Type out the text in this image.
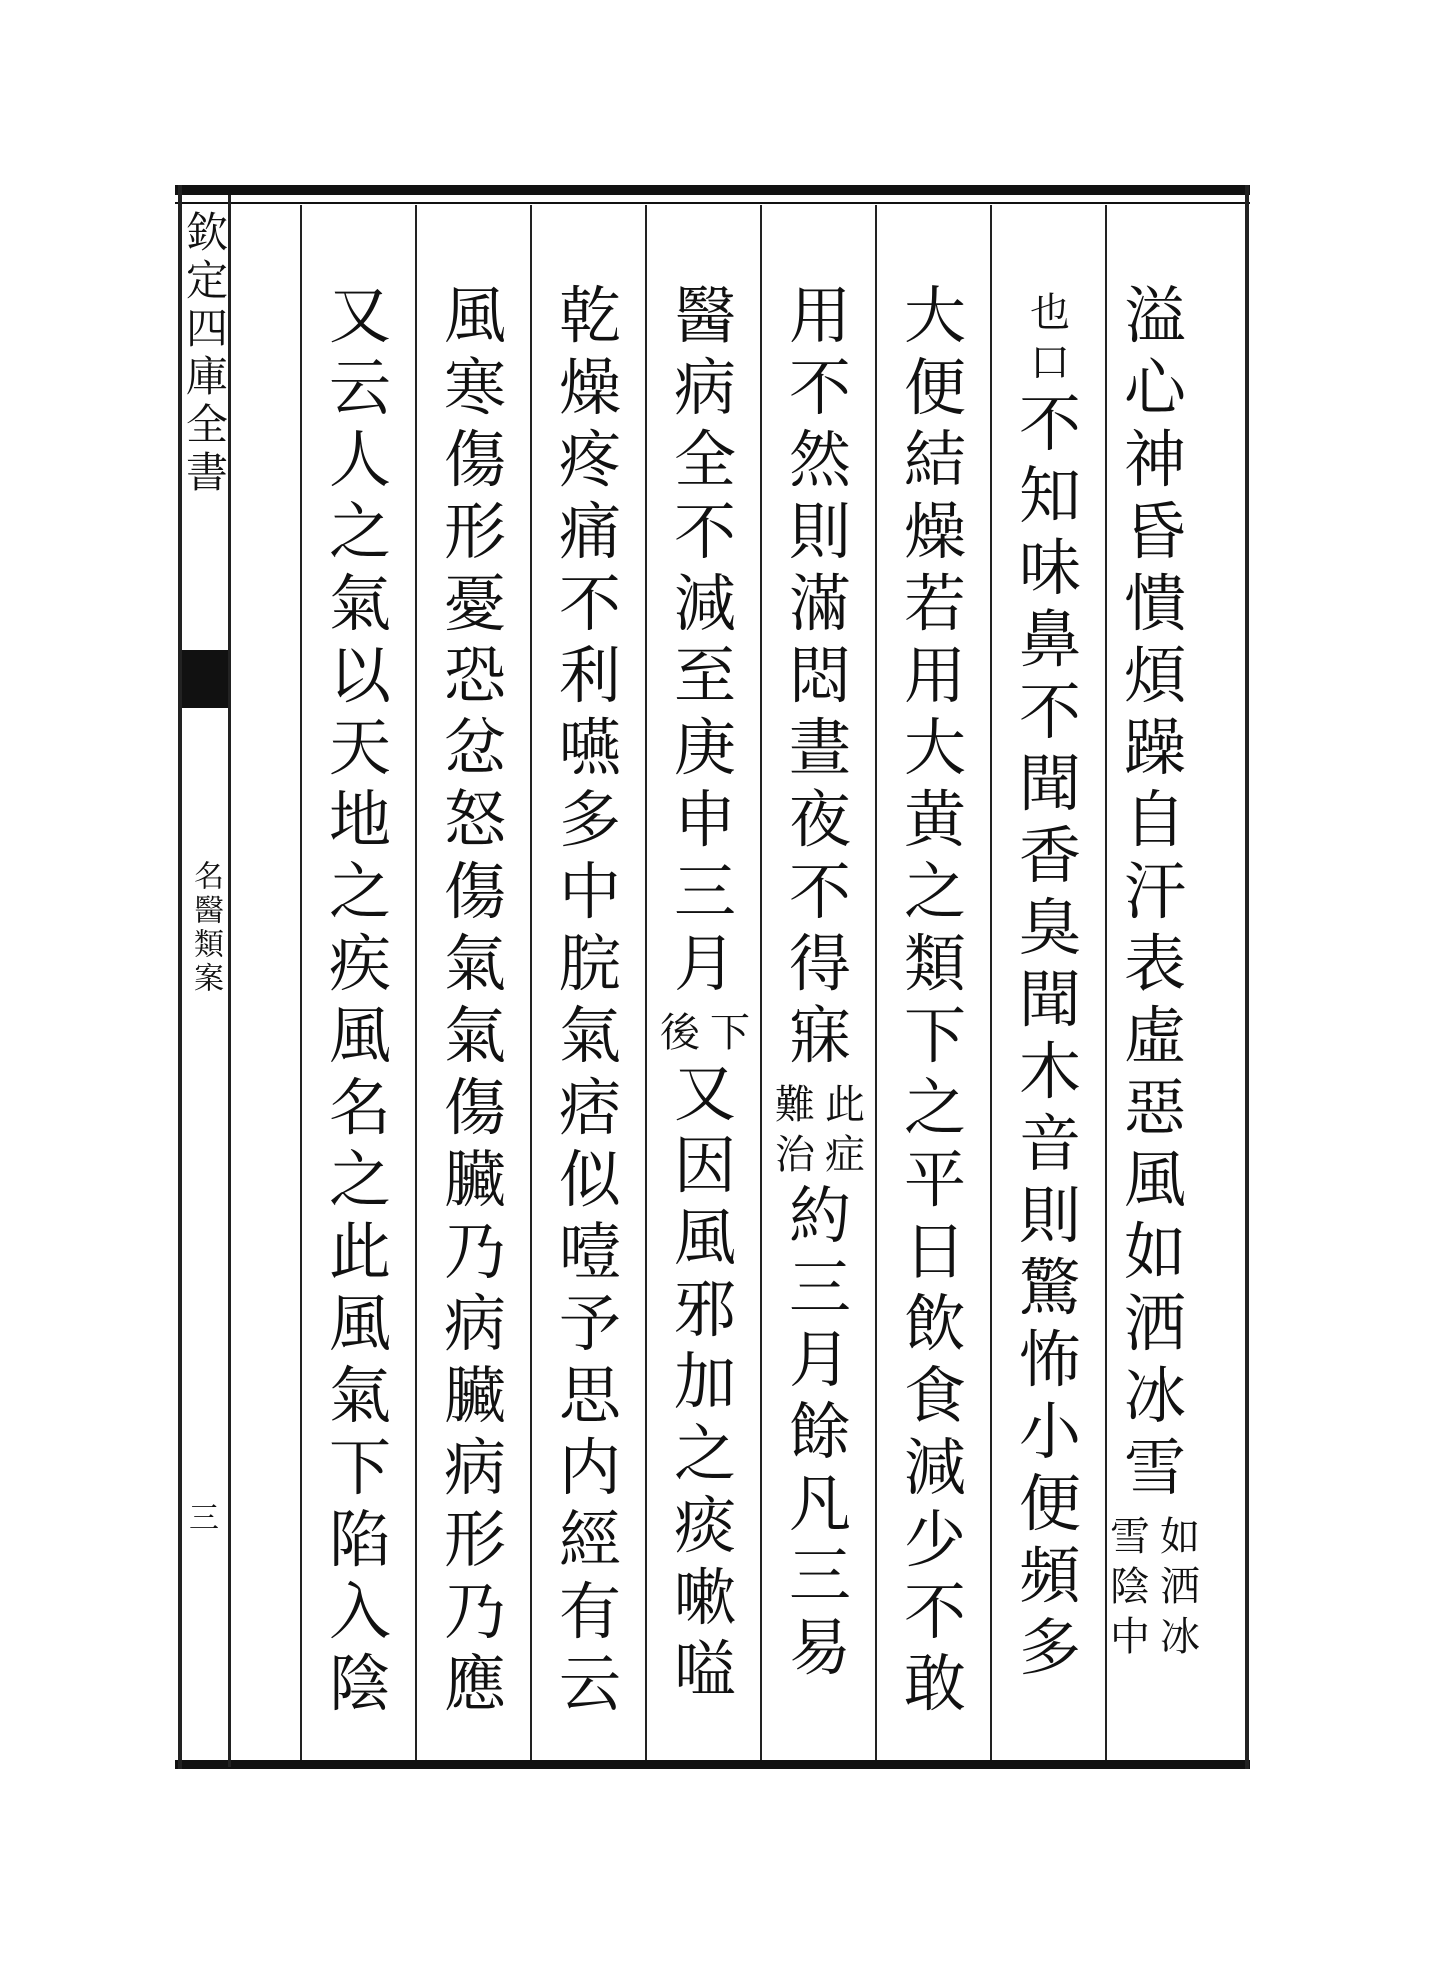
溢
心
神
昏
憒
煩
躁
自
汗
表
虛
惡
風
如
洒
冰
雪
如
洒
冰
雪
陰
中
也
口
不
知
味
鼻
不
聞
香
臭
聞
木
音
則
驚
怖
小
便
頻
多
大
便
結
燥
若
用
大
黄
之
類
下
之
平
日
飲
食
減
少
不
敢
用
不
然
則
滿
悶
晝
夜
不
得
寐
此
症
難
治
約
三
月
餘
凡
三
易
醫
病
全
不
減
至
庚
申
三
月
下
後
又
因
風
邪
加
之
痰
嗽
嗌
乾
燥
疼
痛
不
利
嚥
多
中
脘
氣
痞
似
噎
予
思
内
經
有
云
風
寒
傷
形
憂
恐
忿
怒
傷
氣
氣
傷
臟
乃
病
臟
病
形
乃
應
又
云
人
之
氣
以
天
地
之
疾
風
名
之
此
風
氣
下
陷
入
陰
欽定四庫全書
名醫類案
三
